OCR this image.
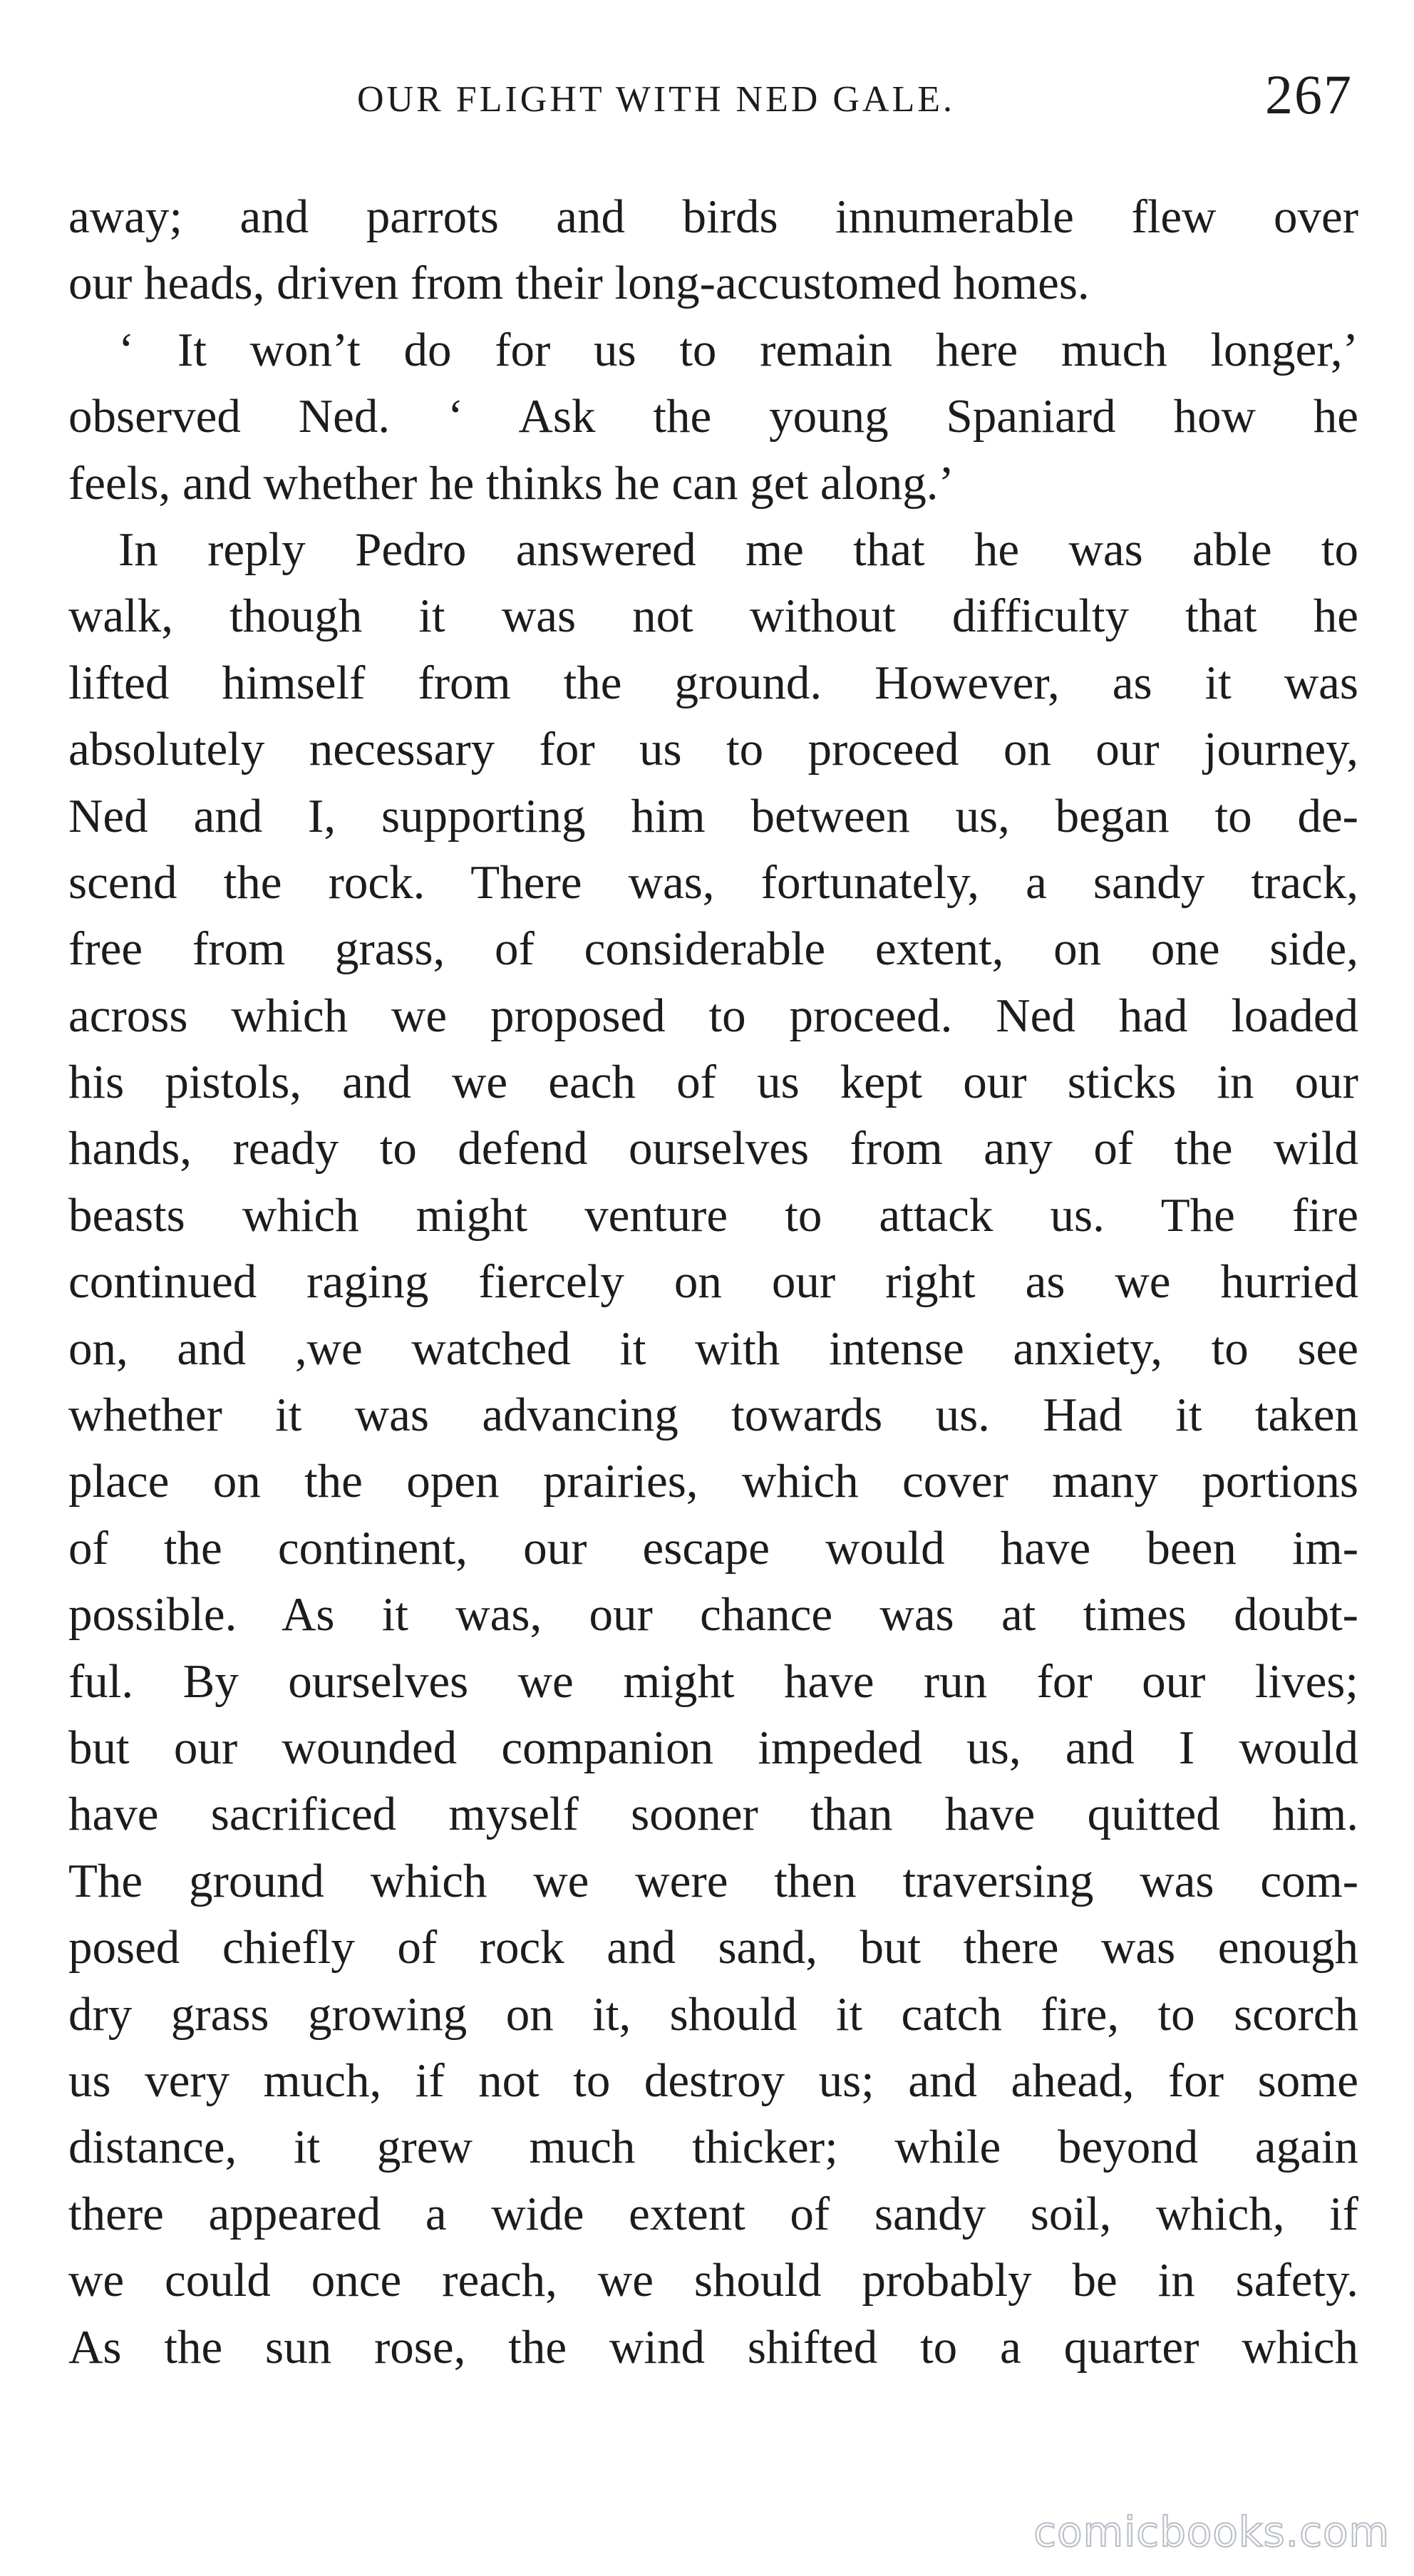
OUR FLIGHT WITH NED GALE.	267
away; and parrots and birds innumerable flew over
our heads, driven from their long-accustomed homes.
‘ It won’t do for us to remain here much longer,’
observed Ned. ‘ Ask the young Spaniard how he
feels, and whether he thinks he can get along.’
In reply Pedro answered me that he was able to
walk, though it was not without difficulty that he
lifted himself from the ground. However, as it was
absolutely necessary for us to proceed on our journey,
Ned and I, supporting him between us, began to de-
scend the rock. There was, fortunately, a sandy track,
free from grass, of considerable extent, on one side,
across which we proposed to proceed. Ned had loaded
his pistols, and we each of us kept our sticks in our
hands, ready to defend ourselves from any of the wild
beasts which might venture to attack us. The fire
continued raging fiercely on our right as we hurried
on, and ,we watched it with intense anxiety, to see
whether it was advancing towards us. Had it taken
place on the open prairies, which cover many portions
of the continent, our escape would have been im-
possible. As it was, our chance was at times doubt-
ful. By ourselves we might have run for our lives;
but our wounded companion impeded us, and I would
have sacrificed myself sooner than have quitted him.
The ground which we were then traversing was com-
posed chiefly of rock and sand, but there was enough
dry grass growing on it, should it catch fire, to scorch
us very much, if not to destroy us; and ahead, for some
distance, it grew much thicker; while beyond again
there appeared a wide extent of sandy soil, which, if
we could once reach, we should probably be in safety.
As the sun rose, the wind shifted to a quarter which
comicbooks.com
